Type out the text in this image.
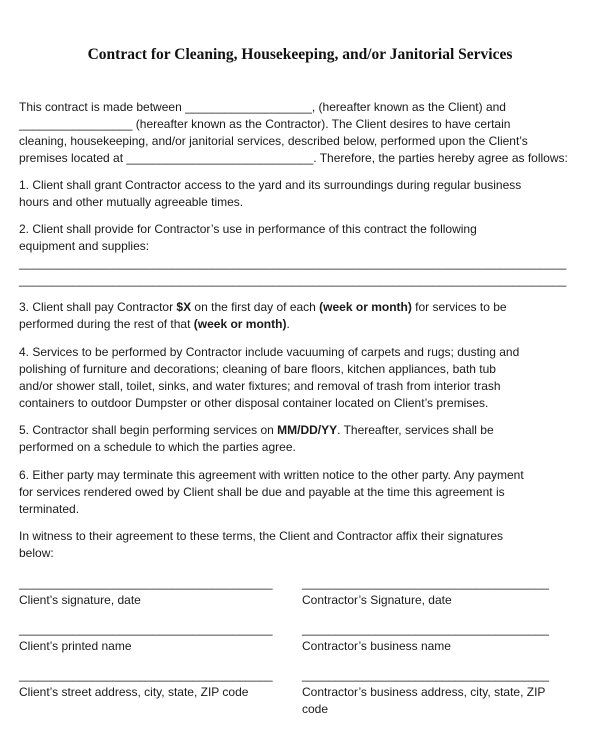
Contract for Cleaning, Housekeeping, and/or Janitorial Services
This contract is made between ___________________, (hereafter known as the Client) and
_________________ (hereafter known as the Contractor). The Client desires to have certain
cleaning, housekeeping, and/or janitorial services, described below, performed upon the Client’s
premises located at ____________________________. Therefore, the parties hereby agree as follows:
1. Client shall grant Contractor access to the yard and its surroundings during regular business
hours and other mutually agreeable times.
2. Client shall provide for Contractor’s use in performance of this contract the following
equipment and supplies:
__________________________________________________________________________________
__________________________________________________________________________________
3. Client shall pay Contractor $X on the first day of each (week or month) for services to be
performed during the rest of that (week or month).
4. Services to be performed by Contractor include vacuuming of carpets and rugs; dusting and
polishing of furniture and decorations; cleaning of bare floors, kitchen appliances, bath tub
and/or shower stall, toilet, sinks, and water fixtures; and removal of trash from interior trash
containers to outdoor Dumpster or other disposal container located on Client’s premises.
5. Contractor shall begin performing services on MM/DD/YY. Thereafter, services shall be
performed on a schedule to which the parties agree.
6. Either party may terminate this agreement with written notice to the other party. Any payment
for services rendered owed by Client shall be due and payable at the time this agreement is
terminated.
In witness to their agreement to these terms, the Client and Contractor affix their signatures
below:
______________________________________
Client’s signature, date
_____________________________________
Contractor’s Signature, date
______________________________________
Client’s printed name
_____________________________________
Contractor’s business name
______________________________________
Client’s street address, city, state, ZIP code
_____________________________________
Contractor’s business address, city, state, ZIP
code
